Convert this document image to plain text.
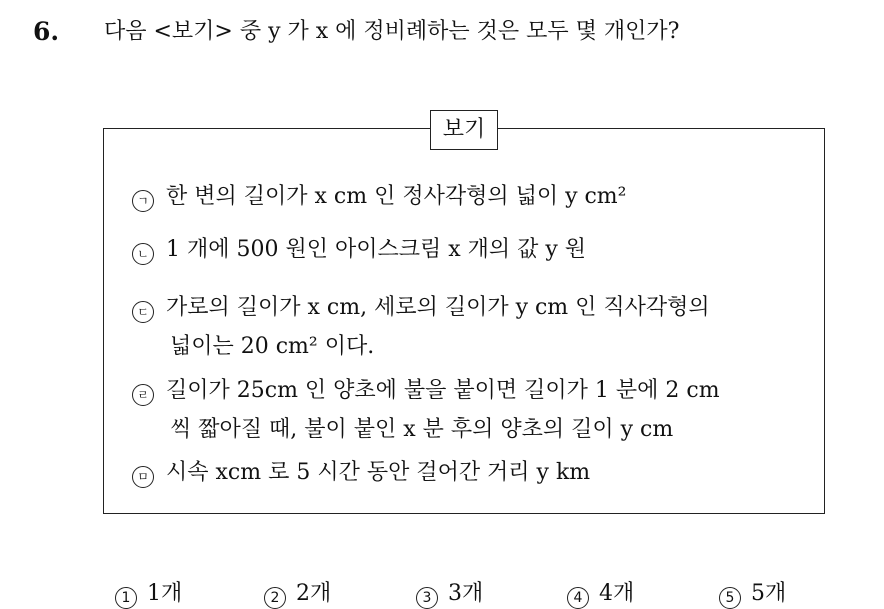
6. 다음 <보기> 중 y 가 x 에 정비례하는 것은 모두 몇 개인가?
보기
ㄱ 한 변의 길이가 x cm 인 정사각형의 넓이 y cm²
ㄴ 1 개에 500 원인 아이스크림 x 개의 값 y 원
ㄷ 가로의 길이가 x cm, 세로의 길이가 y cm 인 직사각형의
넓이는 20 cm² 이다.
ㄹ 길이가 25cm 인 양초에 불을 붙이면 길이가 1 분에 2 cm
씩 짧아질 때, 불이 붙인 x 분 후의 양초의 길이 y cm
ㅁ 시속 xcm 로 5 시간 동안 걸어간 거리 y km
1 1개	2 2개	3 3개	4 4개	5 5개
